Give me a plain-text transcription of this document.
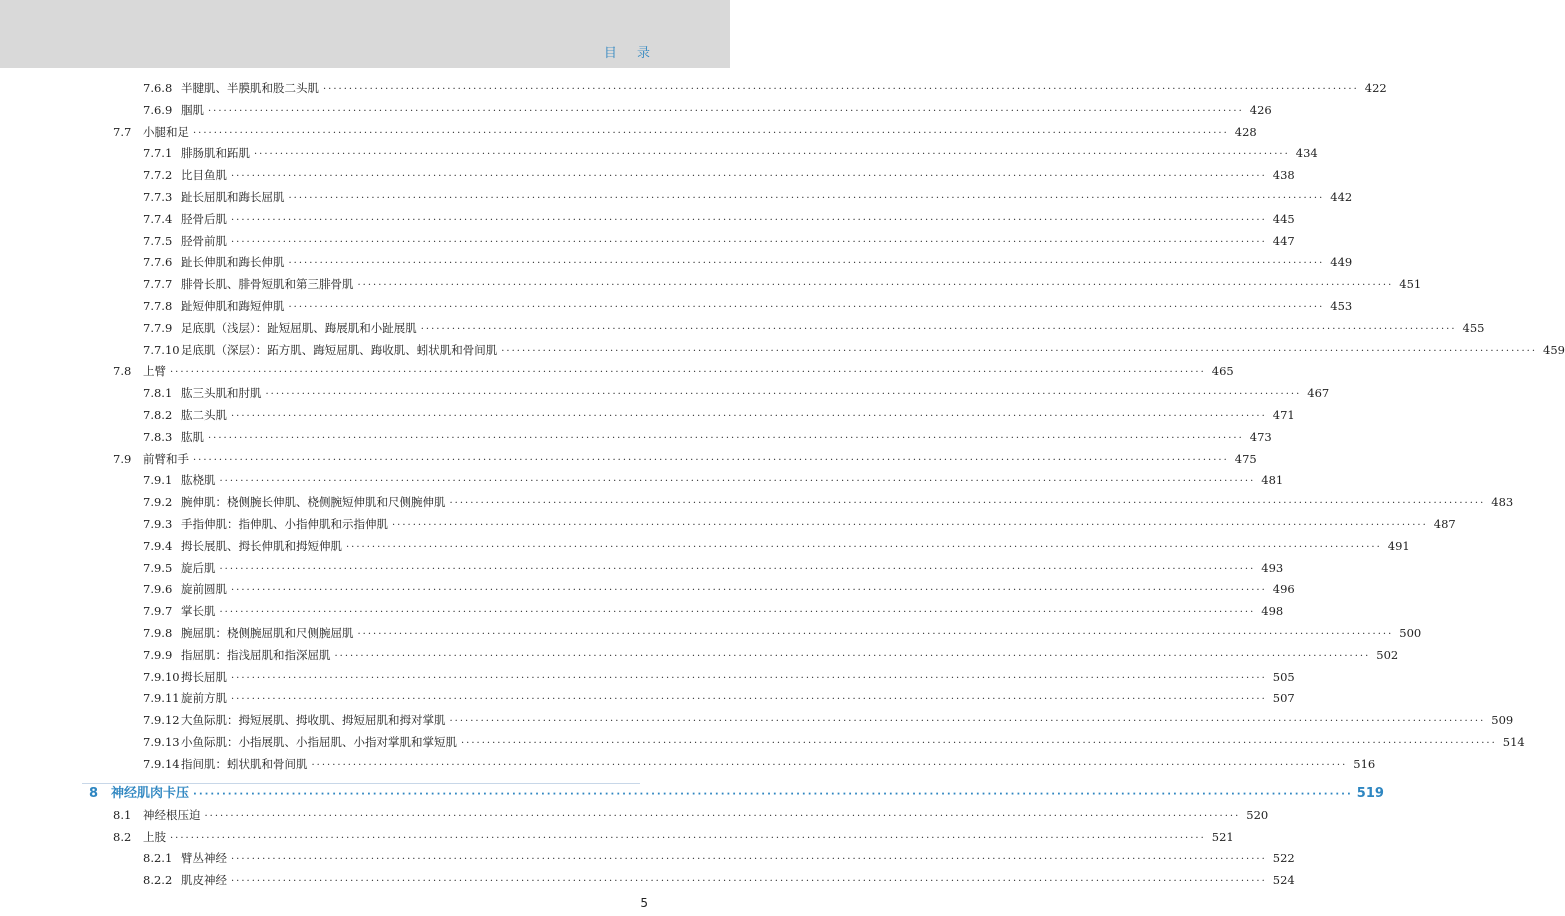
目 录
7.6.8 半腱肌、半膜肌和股二头肌 ········································································································································································································ 422
7.6.9 腘肌 ········································································································································································································ 426
7.7	小腿和足 ········································································································································································································ 428
7.7.1 腓肠肌和跖肌 ········································································································································································································ 434
7.7.2 比目鱼肌 ········································································································································································································ 438
7.7.3 趾长屈肌和踇长屈肌 ········································································································································································································ 442
7.7.4 胫骨后肌 ········································································································································································································ 445
7.7.5 胫骨前肌 ········································································································································································································ 447
7.7.6 趾长伸肌和踇长伸肌 ········································································································································································································ 449
7.7.7 腓骨长肌、腓骨短肌和第三腓骨肌 ········································································································································································································ 451
7.7.8 趾短伸肌和踇短伸肌 ········································································································································································································ 453
7.7.9 足底肌（浅层）：趾短屈肌、踇展肌和小趾展肌 ········································································································································································································ 455
7.7.10 足底肌（深层）：跖方肌、踇短屈肌、踇收肌、蚓状肌和骨间肌 ········································································································································································································ 459
7.8	上臂 ········································································································································································································ 465
7.8.1 肱三头肌和肘肌 ········································································································································································································ 467
7.8.2 肱二头肌 ········································································································································································································ 471
7.8.3 肱肌 ········································································································································································································ 473
7.9	前臂和手 ········································································································································································································ 475
7.9.1 肱桡肌 ········································································································································································································ 481
7.9.2 腕伸肌：桡侧腕长伸肌、桡侧腕短伸肌和尺侧腕伸肌 ········································································································································································································ 483
7.9.3 手指伸肌：指伸肌、小指伸肌和示指伸肌 ········································································································································································································ 487
7.9.4 拇长展肌、拇长伸肌和拇短伸肌 ········································································································································································································ 491
7.9.5 旋后肌 ········································································································································································································ 493
7.9.6 旋前圆肌 ········································································································································································································ 496
7.9.7 掌长肌 ········································································································································································································ 498
7.9.8 腕屈肌：桡侧腕屈肌和尺侧腕屈肌 ········································································································································································································ 500
7.9.9 指屈肌：指浅屈肌和指深屈肌 ········································································································································································································ 502
7.9.10 拇长屈肌 ········································································································································································································ 505
7.9.11 旋前方肌 ········································································································································································································ 507
7.9.12 大鱼际肌：拇短展肌、拇收肌、拇短屈肌和拇对掌肌 ········································································································································································································ 509
7.9.13 小鱼际肌：小指展肌、小指屈肌、小指对掌肌和掌短肌 ········································································································································································································ 514
7.9.14 指间肌：蚓状肌和骨间肌 ········································································································································································································ 516
8 神经肌肉卡压 ········································································································································································································ 519
8.1	神经根压迫 ········································································································································································································ 520
8.2	上肢 ········································································································································································································ 521
8.2.1 臂丛神经 ········································································································································································································ 522
8.2.2 肌皮神经 ········································································································································································································ 524
5
